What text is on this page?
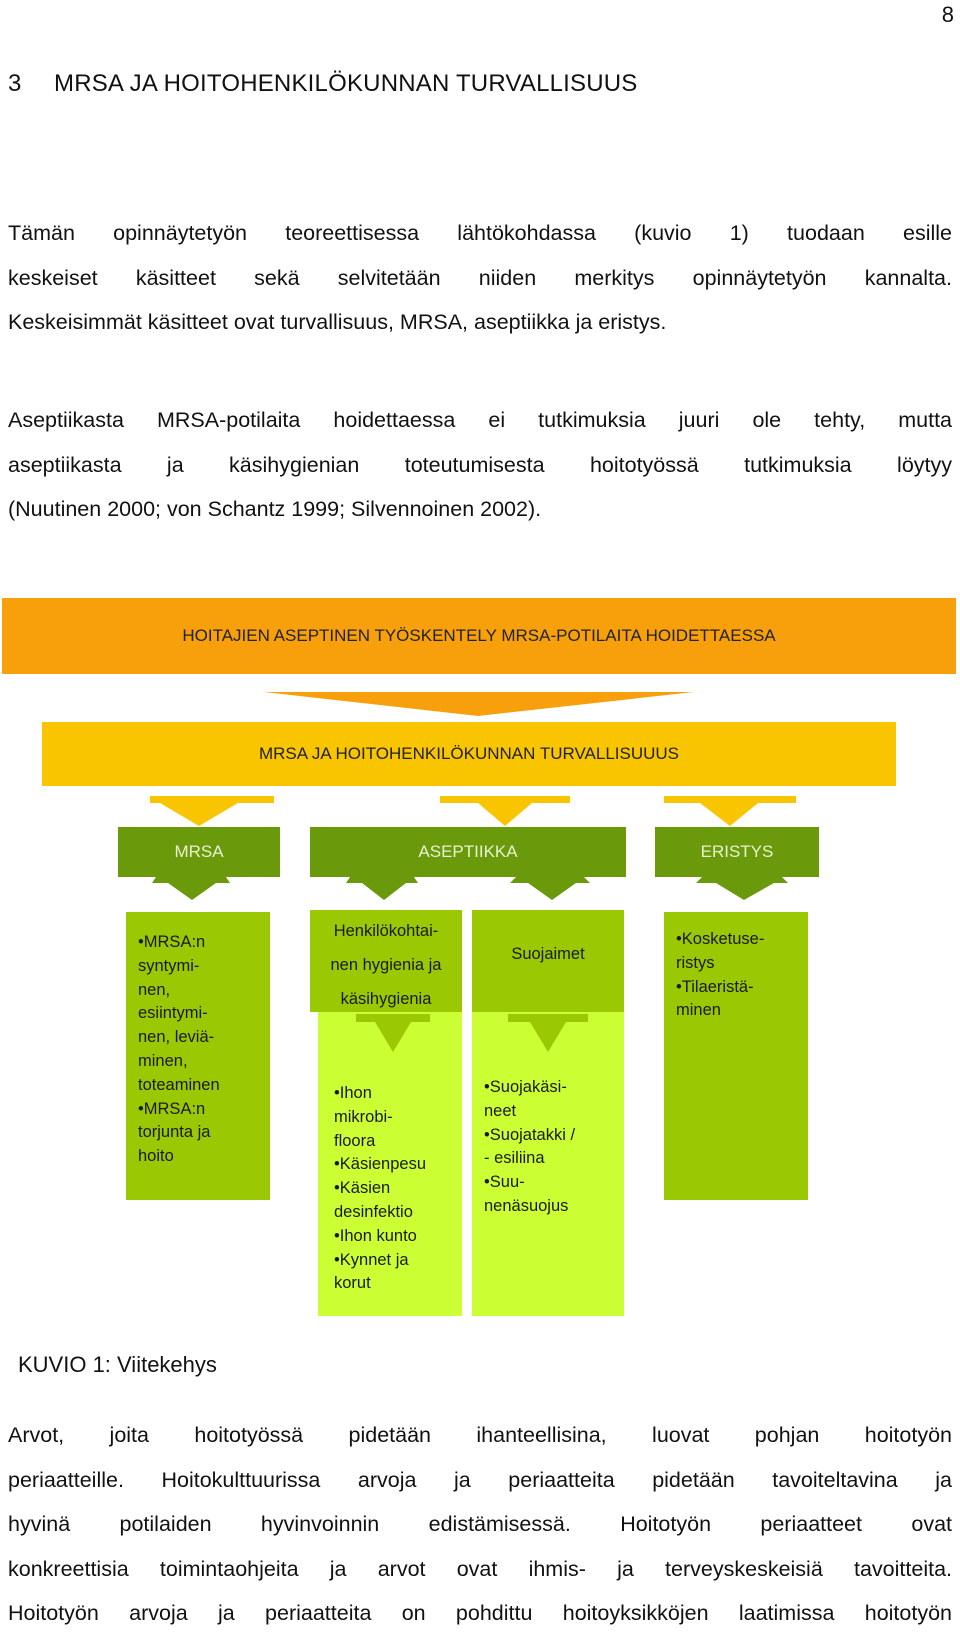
8
3 MRSA JA HOITOHENKILÖKUNNAN TURVALLISUUS
Tämän opinnäytetyön teoreettisessa lähtökohdassa (kuvio 1) tuodaan esille
keskeiset käsitteet sekä selvitetään niiden merkitys opinnäytetyön kannalta.
Keskeisimmät käsitteet ovat turvallisuus, MRSA, aseptiikka ja eristys.
Aseptiikasta MRSA-potilaita hoidettaessa ei tutkimuksia juuri ole tehty, mutta
aseptiikasta ja käsihygienian toteutumisesta hoitotyössä tutkimuksia löytyy
(Nuutinen 2000; von Schantz 1999; Silvennoinen 2002).
HOITAJIEN ASEPTINEN TYÖSKENTELY MRSA-POTILAITA HOIDETTAESSA
MRSA JA HOITOHENKILÖKUNNAN TURVALLISUUUS
MRSA	ASEPTIIKKA	ERISTYS
•MRSA:n
syntymi-
nen,
esiintymi-
nen, leviä-
minen,
toteaminen
•MRSA:n
torjunta ja
hoito
Henkilökohtai-
nen hygienia ja
käsihygienia
•Ihon
mikrobi-
floora
•Käsienpesu
•Käsien
desinfektio
•Ihon kunto
•Kynnet ja
korut
Suojaimet
•Suojakäsi-
neet
•Suojatakki /
- esiliina
•Suu-
nenäsuojus
•Kosketuse-
ristys
•Tilaeristä-
minen
KUVIO 1: Viitekehys
Arvot, joita hoitotyössä pidetään ihanteellisina, luovat pohjan hoitotyön
periaatteille. Hoitokulttuurissa arvoja ja periaatteita pidetään tavoiteltavina ja
hyvinä potilaiden hyvinvoinnin edistämisessä. Hoitotyön periaatteet ovat
konkreettisia toimintaohjeita ja arvot ovat ihmis- ja terveyskeskeisiä tavoitteita.
Hoitotyön arvoja ja periaatteita on pohdittu hoitoyksikköjen laatimissa hoitotyön
